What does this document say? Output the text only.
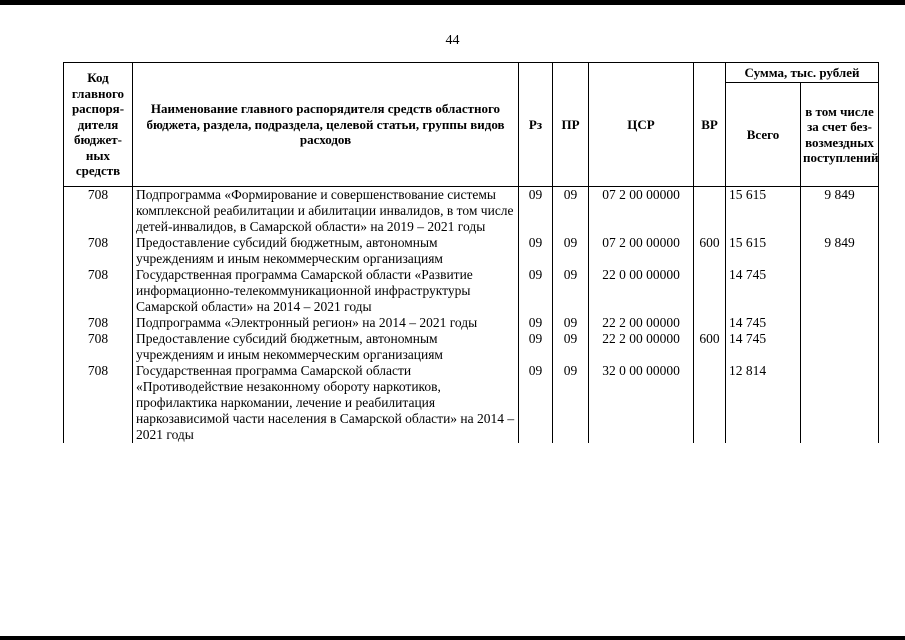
44
Код главного распоря-дителя бюджет-ных средств	Наименование главного распорядителя средств областного бюджета, раздела, подраздела, целевой статьи, группы видов расходов	Рз	ПР	ЦСР	ВР	Сумма, тыс. рублей	
						Всего	в том числе за счет без-возмездных поступлений
708	Подпрограмма «Формирование и совершенствование системы комплексной реабилитации и абилитации инвалидов, в том числе детей-инвалидов, в Самарской области» на 2019 – 2021 годы	09	09	07 2 00 00000		15 615	9 849
708	Предоставление субсидий бюджетным, автономным учреждениям и иным некоммерческим организациям	09	09	07 2 00 00000	600	15 615	9 849
708	Государственная программа Самарской области «Развитие информационно-телекоммуникационной инфраструктуры Самарской области» на 2014 – 2021 годы	09	09	22 0 00 00000		14 745	
708	Подпрограмма «Электронный регион» на 2014 – 2021 годы	09	09	22 2 00 00000		14 745	
708	Предоставление субсидий бюджетным, автономным учреждениям и иным некоммерческим организациям	09	09	22 2 00 00000	600	14 745	
708	Государственная программа Самарской области «Противодействие незаконному обороту наркотиков, профилактика наркомании, лечение и реабилитация наркозависимой части населения в Самарской области» на 2014 – 2021 годы	09	09	32 0 00 00000		12 814	
